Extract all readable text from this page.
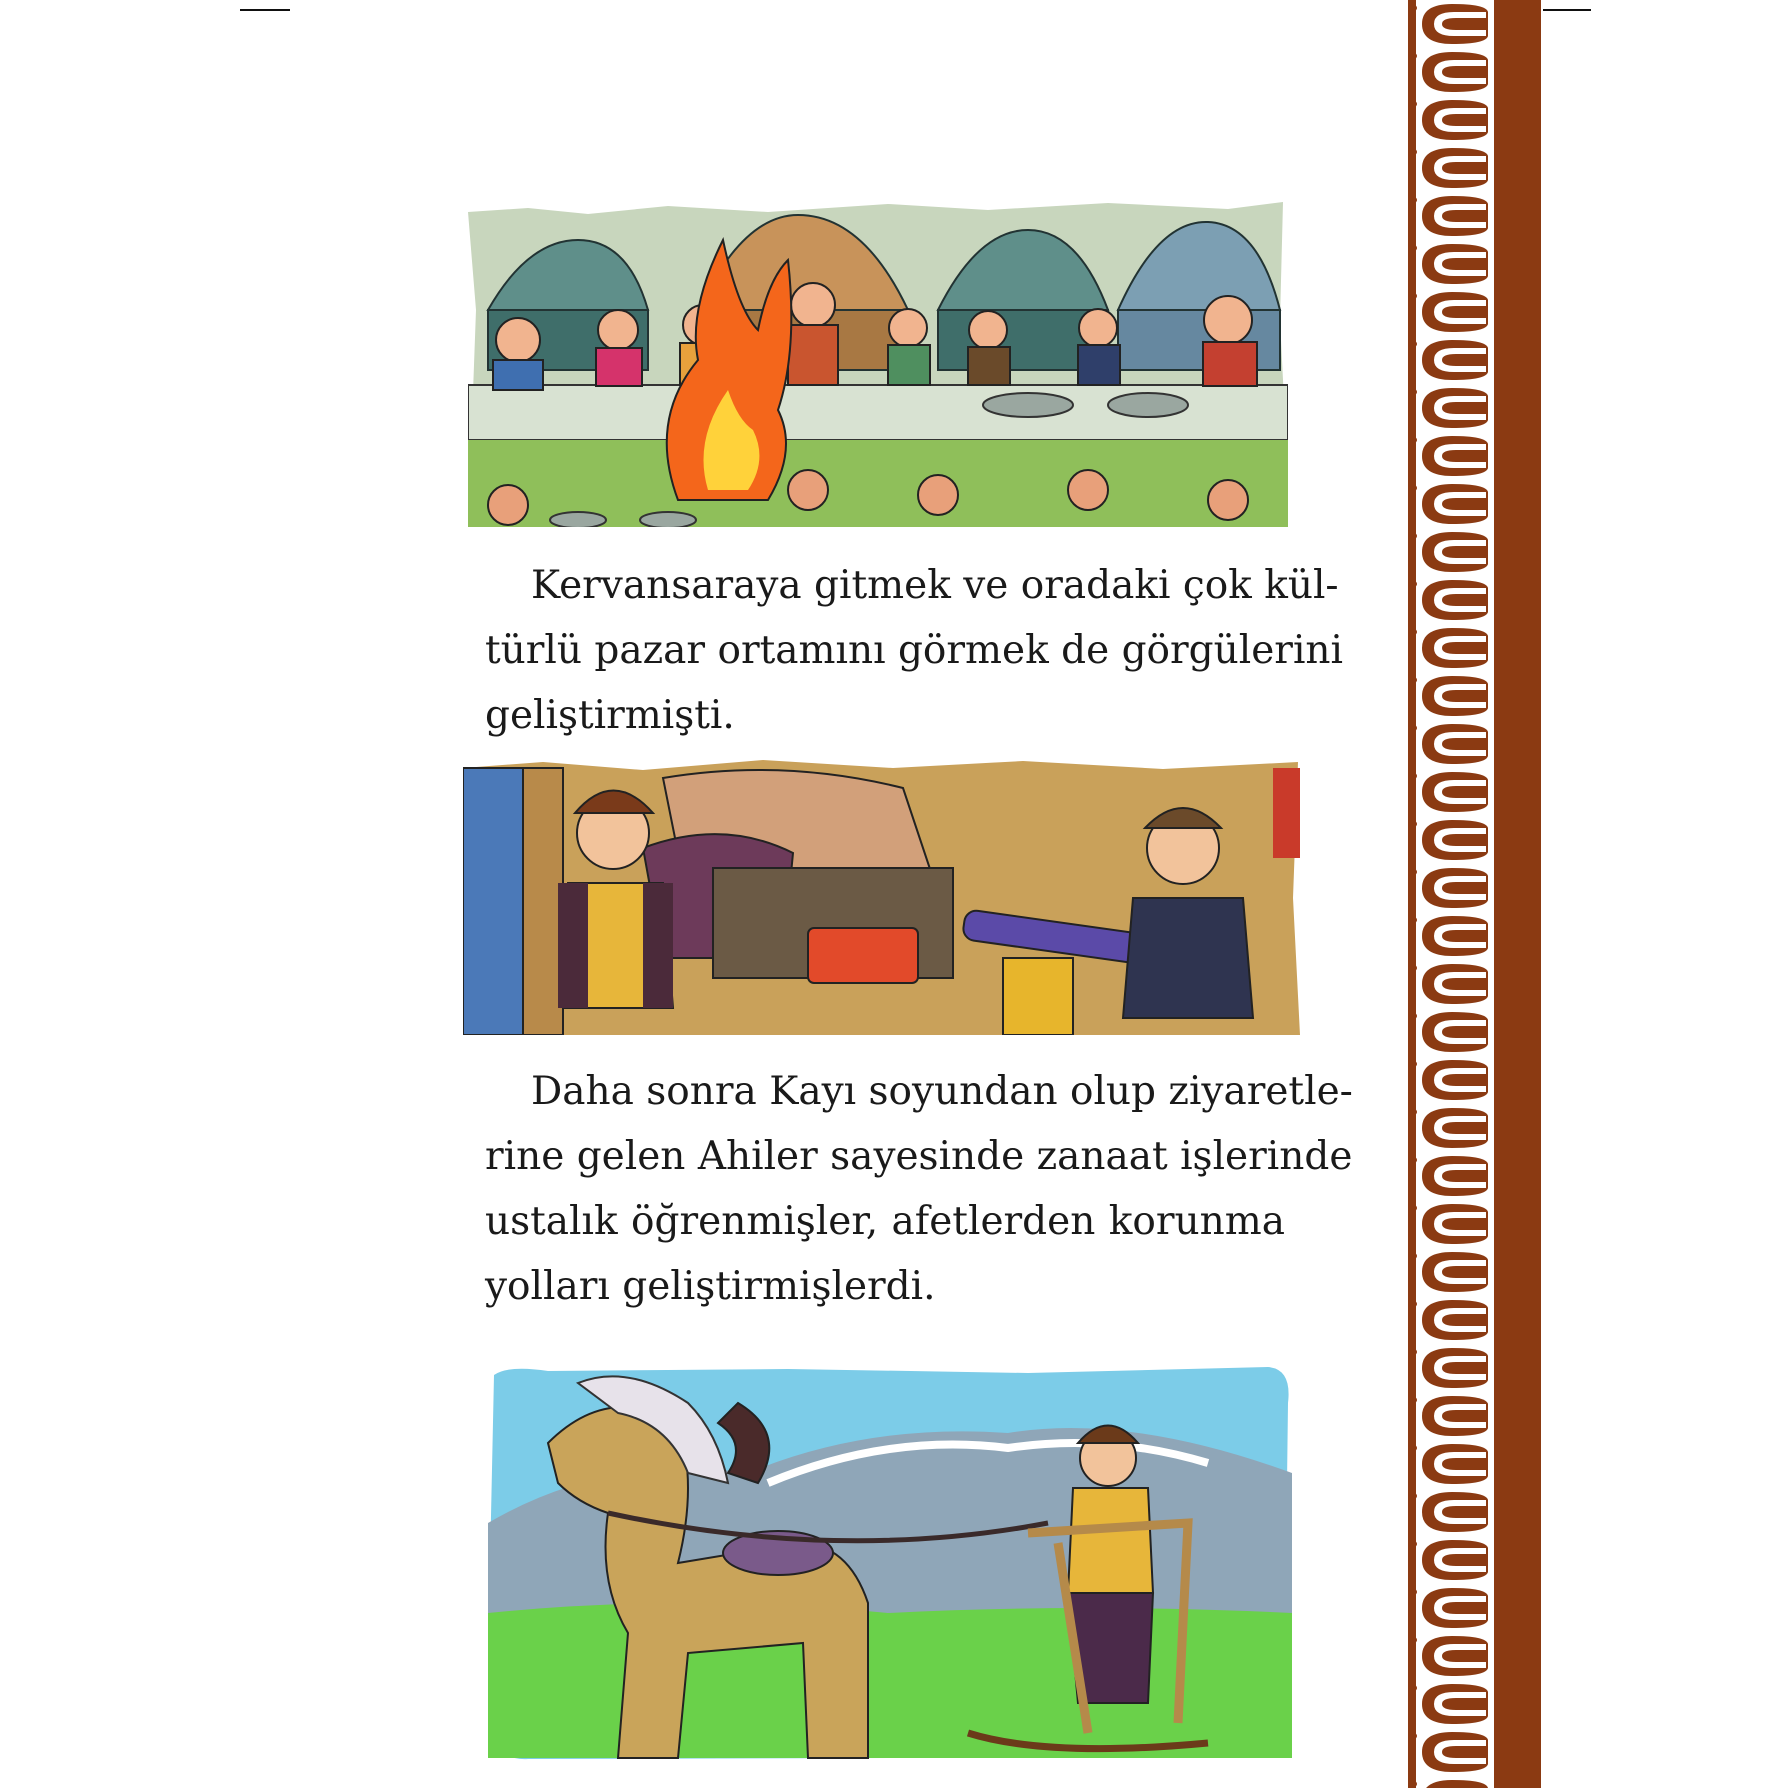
Kervansaraya gitmek ve oradaki çok kül-
türlü pazar ortamını görmek de görgülerini
geliştirmişti.

Daha sonra Kayı soyundan olup ziyaretle-
rine gelen Ahiler sayesinde zanaat işlerinde
ustalık öğrenmişler, afetlerden korunma
yolları geliştirmişlerdi.
